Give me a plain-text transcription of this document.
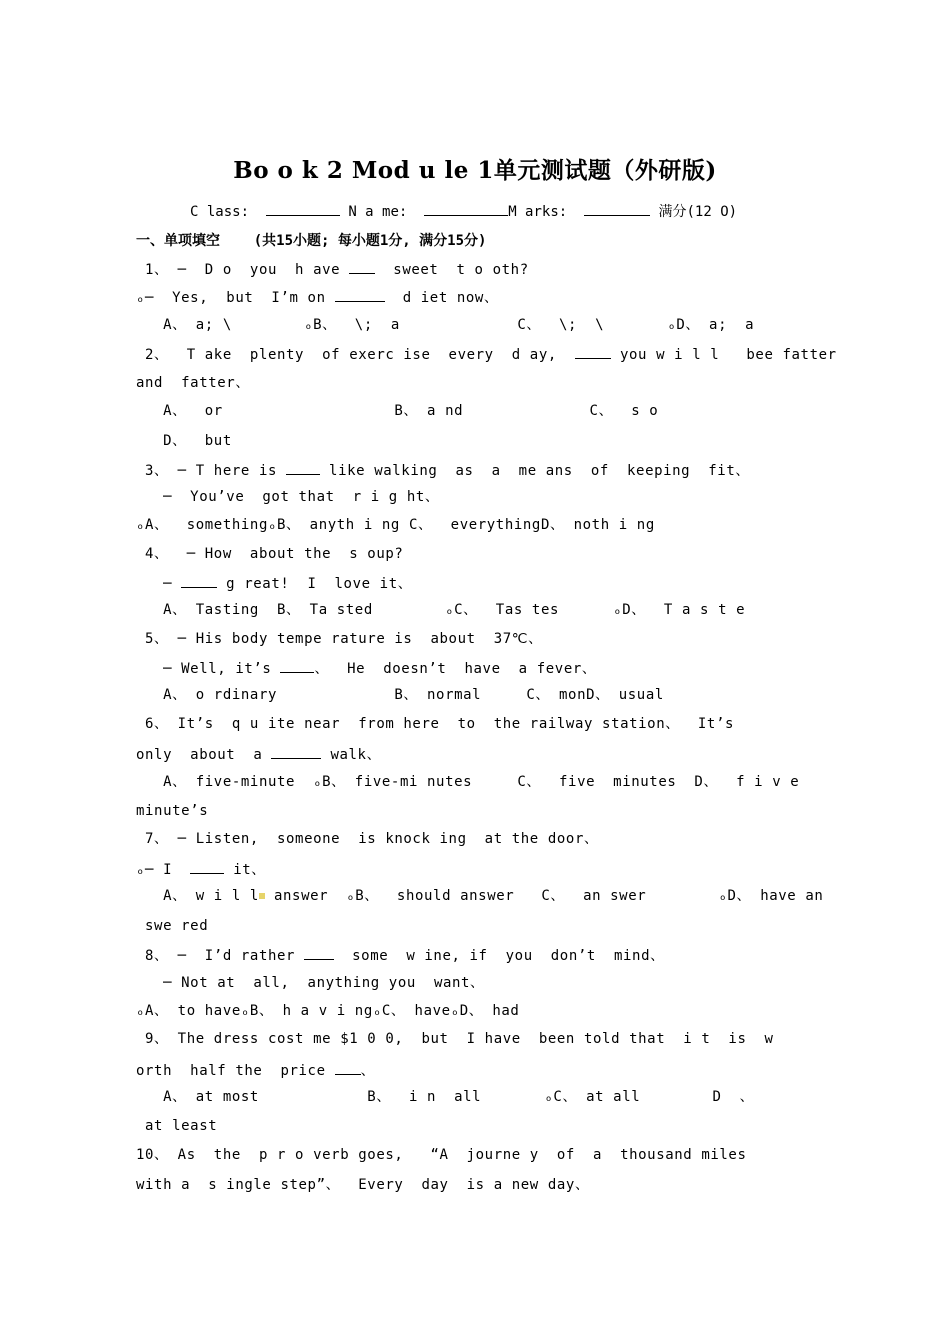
Bo o k 2 Mod u le 1单元测试题（外研版)
C lass:	N a me:	M arks:	满分(12 O)
一、单项填空    (共15小题; 每小题1分, 满分15分)
1、 ─  D o  you  h ave   sweet  t o oth?
ₒ─  Yes,  but  I’m on	d iet now、
A、 a; \        ₒB、  \;  a             C、  \;  \       ₒD、 a;  a
2、  T ake  plenty  of exerc ise  every  d ay,	you w i l l   bee fatter
and  fatter、
A、  or                   B、 a nd              C、  s o
D、  but
3、 ─ T here is  like walking  as  a  me ans  of  keeping  fit、
─  You’ve  got that  r i g ht、
ₒA、  somethingₒB、 anyth i ng C、  everythingD、 noth i ng
4、  ─ How  about the  s oup?
─	g reat!  I  love it、
A、 Tasting  B、 Ta sted        ₒC、  Tas tes      ₒD、  T a s t e
5、 ─ His body tempe rature is  about  37℃、
─ Well, it’s 、  He  doesn’t  have  a fever、
A、 o rdinary             B、 normal     C、 monD、 usual
6、 It’s  q u ite near  from here  to  the railway station、  It’s
only  about  a	walk、
A、 five-minute  ₒB、 five-mi nutes     C、  five  minutes  D、  f i v e
minute’s
7、 ─ Listen,  someone  is knock ing  at the door、
ₒ─ I   it、
A、 w i l l answer  ₒB、  should answer   C、  an swer        ₒD、 have an
swe red
8、 ─  I’d rather   some  w ine, if  you  don’t  mind、
─ Not at  all,  anything you  want、
ₒA、 to haveₒB、 h a v i ngₒC、 haveₒD、 had
9、 The dress cost me $1 0 0,  but  I have  been told that  i t  is  w
orth  half the  price 、
A、 at most            B、  i n  all       ₒC、 at all        D  、
at least
10、 As  the  p r o verb goes,   “A  journe y  of  a  thousand miles
with a  s ingle step”、  Every  day  is a new day、
